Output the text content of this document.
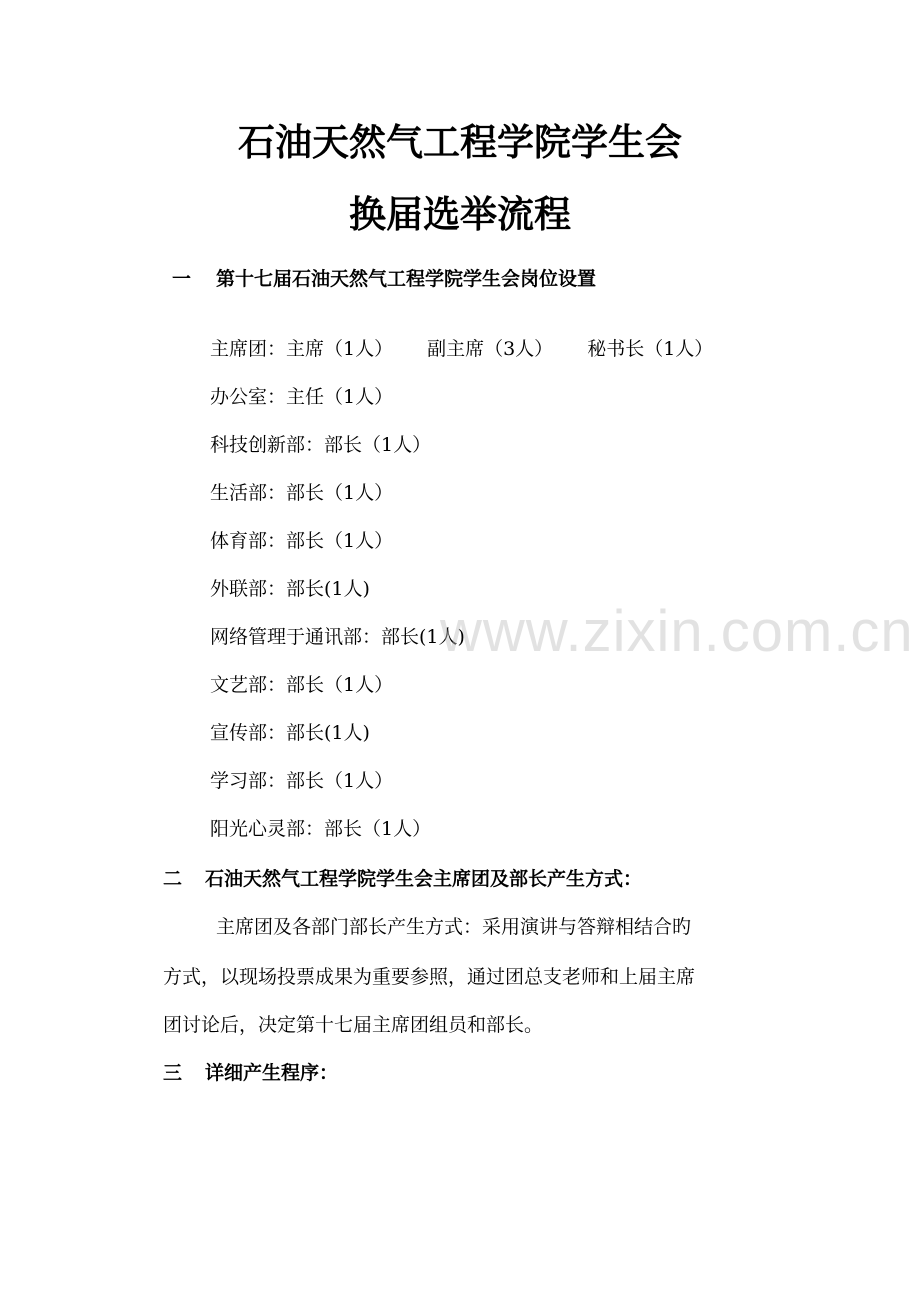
石油天然气工程学院学生会
换届选举流程
一 第十七届石油天然气工程学院学生会岗位设置
主席团：主席（1人） 副主席（3人） 秘书长（1人）
办公室：主任（1人）
科技创新部：部长（1人）
生活部：部长（1人）
体育部：部长（1人）
外联部：部长(1人)
网络管理于通讯部：部长(1人)
文艺部：部长（1人）
宣传部：部长(1人)
学习部：部长（1人）
阳光心灵部：部长（1人）
二 石油天然气工程学院学生会主席团及部长产生方式：
主席团及各部门部长产生方式：采用演讲与答辩相结合旳
方式，以现场投票成果为重要参照，通过团总支老师和上届主席
团讨论后，决定第十七届主席团组员和部长。
三 详细产生程序：
www.zixin.com.cn
